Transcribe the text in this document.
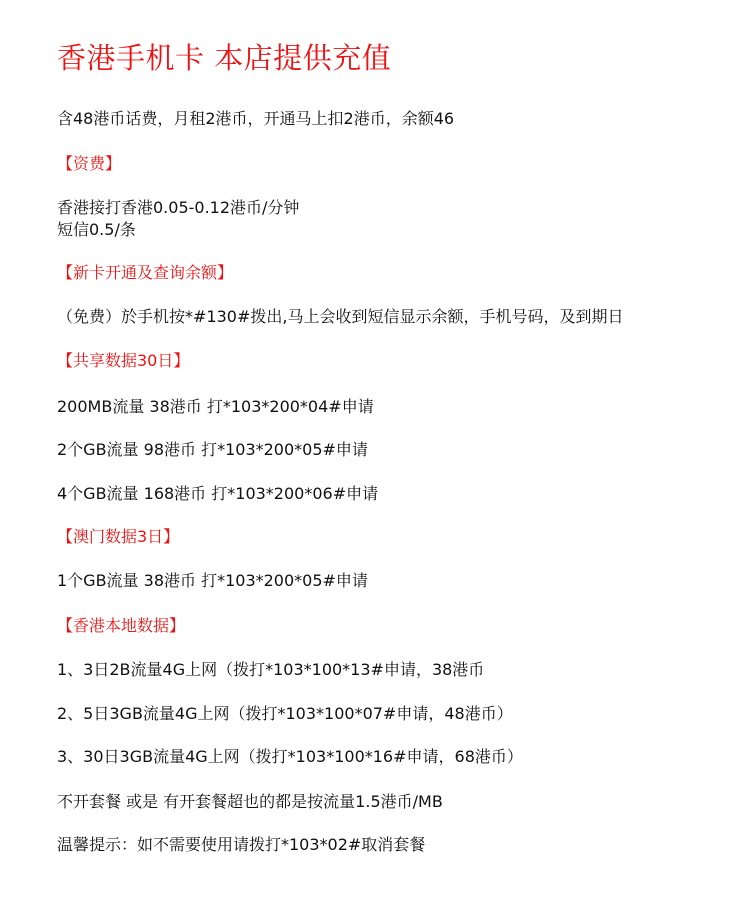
香港手机卡 本店提供充值
含48港币话费，月租2港币，开通马上扣2港币，余额46
【资费】
香港接打香港0.05-0.12港币/分钟
短信0.5/条
【新卡开通及查询余额】
（免费）於手机按*#130#拨出,马上会收到短信显示余额，手机号码，及到期日
【共享数据30日】
200MB流量 38港币 打*103*200*04#申请
2个GB流量 98港币 打*103*200*05#申请
4个GB流量 168港币 打*103*200*06#申请
【澳门数据3日】
1个GB流量 38港币 打*103*200*05#申请
【香港本地数据】
1、3日2B流量4G上网（拨打*103*100*13#申请，38港币
2、5日3GB流量4G上网（拨打*103*100*07#申请，48港币）
3、30日3GB流量4G上网（拨打*103*100*16#申请，68港币）
不开套餐 或是 有开套餐超也的都是按流量1.5港币/MB
温馨提示：如不需要使用请拨打*103*02#取消套餐
